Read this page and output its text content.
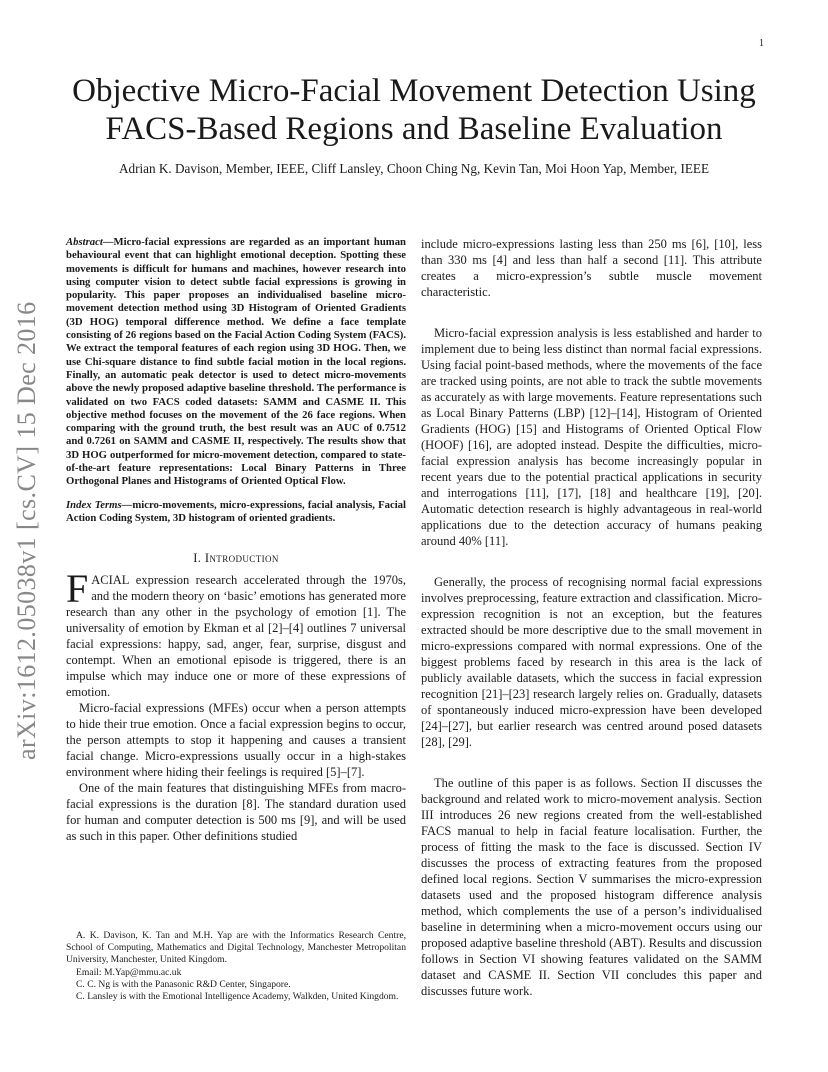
1
arXiv:1612.05038v1 [cs.CV] 15 Dec 2016
Objective Micro-Facial Movement Detection Using FACS-Based Regions and Baseline Evaluation
Adrian K. Davison, Member, IEEE, Cliff Lansley, Choon Ching Ng, Kevin Tan, Moi Hoon Yap, Member, IEEE

Abstract—Micro-facial expressions are regarded as an important human behavioural event that can highlight emotional deception. Spotting these movements is difficult for humans and machines, however research into using computer vision to detect subtle facial expressions is growing in popularity. This paper proposes an individualised baseline micro-movement detection method using 3D Histogram of Oriented Gradients (3D HOG) temporal difference method. We define a face template consisting of 26 regions based on the Facial Action Coding System (FACS). We extract the temporal features of each region using 3D HOG. Then, we use Chi-square distance to find subtle facial motion in the local regions. Finally, an automatic peak detector is used to detect micro-movements above the newly proposed adaptive baseline threshold. The performance is validated on two FACS coded datasets: SAMM and CASME II. This objective method focuses on the movement of the 26 face regions. When comparing with the ground truth, the best result was an AUC of 0.7512 and 0.7261 on SAMM and CASME II, respectively. The results show that 3D HOG outperformed for micro-movement detection, compared to state-of-the-art feature representations: Local Binary Patterns in Three Orthogonal Planes and Histograms of Oriented Optical Flow.

Index Terms—micro-movements, micro-expressions, facial analysis, Facial Action Coding System, 3D histogram of oriented gradients.

I. Introduction

FACIAL expression research accelerated through the 1970s, and the modern theory on ‘basic’ emotions has generated more research than any other in the psychology of emotion [1]. The universality of emotion by Ekman et al [2]–[4] outlines 7 universal facial expressions: happy, sad, anger, fear, surprise, disgust and contempt. When an emotional episode is triggered, there is an impulse which may induce one or more of these expressions of emotion.

Micro-facial expressions (MFEs) occur when a person attempts to hide their true emotion. Once a facial expression begins to occur, the person attempts to stop it happening and causes a transient facial change. Micro-expressions usually occur in a high-stakes environment where hiding their feelings is required [5]–[7].

One of the main features that distinguishing MFEs from macro-facial expressions is the duration [8]. The standard duration used for human and computer detection is 500 ms [9], and will be used as such in this paper. Other definitions studied

A. K. Davison, K. Tan and M.H. Yap are with the Informatics Research Centre, School of Computing, Mathematics and Digital Technology, Manchester Metropolitan University, Manchester, United Kingdom.

Email: M.Yap@mmu.ac.uk

C. C. Ng is with the Panasonic R&D Center, Singapore.

C. Lansley is with the Emotional Intelligence Academy, Walkden, United Kingdom.

include micro-expressions lasting less than 250 ms [6], [10], less than 330 ms [4] and less than half a second [11]. This attribute creates a micro-expression’s subtle muscle movement characteristic.

Micro-facial expression analysis is less established and harder to implement due to being less distinct than normal facial expressions. Using facial point-based methods, where the movements of the face are tracked using points, are not able to track the subtle movements as accurately as with large movements. Feature representations such as Local Binary Patterns (LBP) [12]–[14], Histogram of Oriented Gradients (HOG) [15] and Histograms of Oriented Optical Flow (HOOF) [16], are adopted instead. Despite the difficulties, micro-facial expression analysis has become increasingly popular in recent years due to the potential practical applications in security and interrogations [11], [17], [18] and healthcare [19], [20]. Automatic detection research is highly advantageous in real-world applications due to the detection accuracy of humans peaking around 40% [11].

Generally, the process of recognising normal facial expressions involves preprocessing, feature extraction and classification. Micro-expression recognition is not an exception, but the features extracted should be more descriptive due to the small movement in micro-expressions compared with normal expressions. One of the biggest problems faced by research in this area is the lack of publicly available datasets, which the success in facial expression recognition [21]–[23] research largely relies on. Gradually, datasets of spontaneously induced micro-expression have been developed [24]–[27], but earlier research was centred around posed datasets [28], [29].

The outline of this paper is as follows. Section II discusses the background and related work to micro-movement analysis. Section III introduces 26 new regions created from the well-established FACS manual to help in facial feature localisation. Further, the process of fitting the mask to the face is discussed. Section IV discusses the process of extracting features from the proposed defined local regions. Section V summarises the micro-expression datasets used and the proposed histogram difference analysis method, which complements the use of a person’s individualised baseline in determining when a micro-movement occurs using our proposed adaptive baseline threshold (ABT). Results and discussion follows in Section VI showing features validated on the SAMM dataset and CASME II. Section VII concludes this paper and discusses future work.
